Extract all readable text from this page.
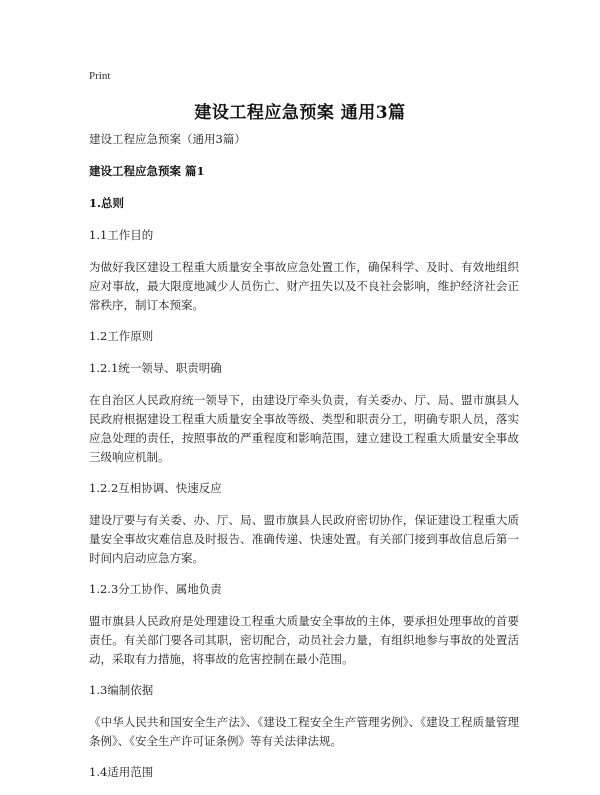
Print
建设工程应急预案 通用3篇

建设工程应急预案（通用3篇）

建设工程应急预案 篇1

1.总则

1.1工作目的

为做好我区建设工程重大质量安全事故应急处置工作，确保科学、及时、有效地组织应对事故，最大限度地减少人员伤亡、财产扭失以及不良社会影响，维护经济社会正常秩序，制订本预案。

1.2工作原则

1.2.1统一领导、职责明确

在自治区人民政府统一领导下，由建设厅牵头负责，有关委办、厅、局、盟市旗县人民政府根据建设工程重大质量安全事故等级、类型和职责分工，明确专职人员，落实应急处理的责任，按照事故的严重程度和影响范围，建立建设工程重大质量安全事故三级响应机制。

1.2.2互相协调、快速反应

建设厅要与有关委、办、厅、局、盟市旗县人民政府密切协作，保证建设工程重大质量安全事故灾难信息及时报告、准确传递、快速处置。有关部门接到事故信息后第一时间内启动应急方案。

1.2.3分工协作、属地负责

盟市旗县人民政府是处理建设工程重大质量安全事故的主体，要承担处理事故的首要责任。有关部门要各司其职，密切配合，动员社会力量，有组织地参与事故的处置活动，采取有力措施，将事故的危害控制在最小范围。

1.3编制依据

《中华人民共和国安全生产法》、《建设工程安全生产管理劣例》、《建设工程质量管理条例》、《安全生产许可证条例》等有关法律法规。

1.4适用范围
